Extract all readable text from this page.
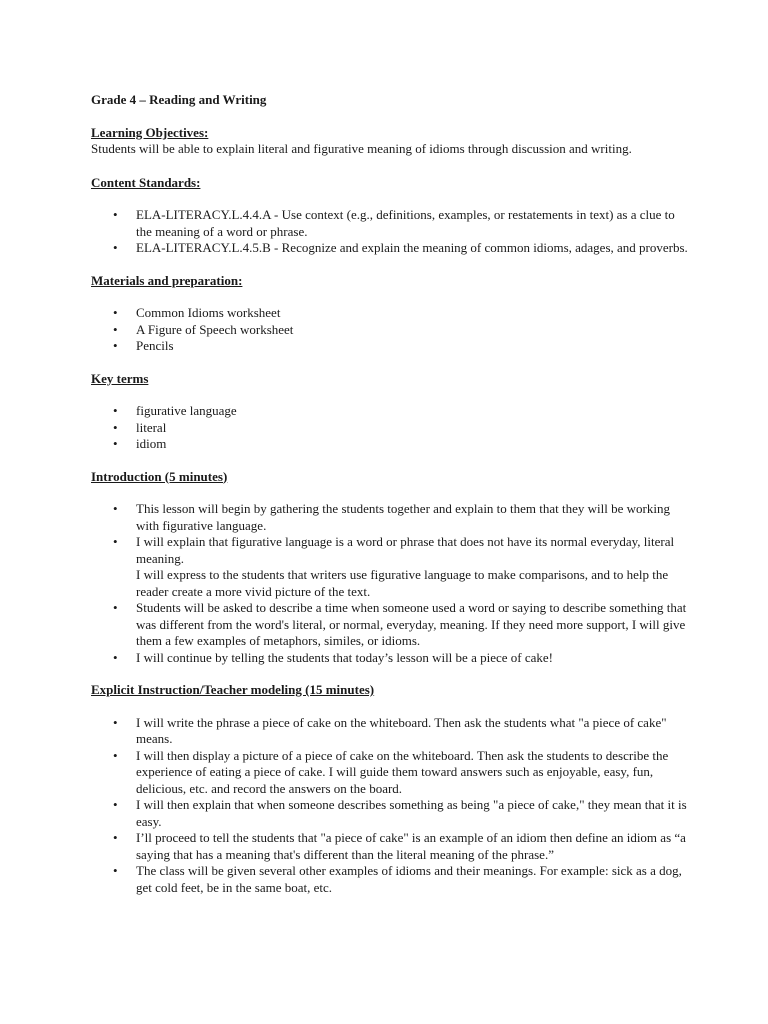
Grade 4 – Reading and Writing

Learning Objectives:

Students will be able to explain literal and figurative meaning of idioms through discussion and writing.

Content Standards:

• ELA-LITERACY.L.4.4.A - Use context (e.g., definitions, examples, or restatements in text) as a clue to the meaning of a word or phrase.
• ELA-LITERACY.L.4.5.B - Recognize and explain the meaning of common idioms, adages, and proverbs.

Materials and preparation:

• Common Idioms worksheet
• A Figure of Speech worksheet
• Pencils

Key terms

• figurative language
• literal
• idiom

Introduction (5 minutes)

• This lesson will begin by gathering the students together and explain to them that they will be working with figurative language.
• I will explain that figurative language is a word or phrase that does not have its normal everyday, literal meaning.

I will express to the students that writers use figurative language to make comparisons, and to help the reader create a more vivid picture of the text.

• Students will be asked to describe a time when someone used a word or saying to describe something that was different from the word's literal, or normal, everyday, meaning. If they need more support, I will give them a few examples of metaphors, similes, or idioms.
• I will continue by telling the students that today’s lesson will be a piece of cake!

Explicit Instruction/Teacher modeling (15 minutes)

• I will write the phrase a piece of cake on the whiteboard. Then ask the students what "a piece of cake" means.
• I will then display a picture of a piece of cake on the whiteboard. Then ask the students to describe the experience of eating a piece of cake. I will guide them toward answers such as enjoyable, easy, fun, delicious, etc. and record the answers on the board.
• I will then explain that when someone describes something as being "a piece of cake," they mean that it is easy.
• I’ll proceed to tell the students that "a piece of cake" is an example of an idiom then define an idiom as “a saying that has a meaning that's different than the literal meaning of the phrase.”
• The class will be given several other examples of idioms and their meanings. For example: sick as a dog, get cold feet, be in the same boat, etc.
